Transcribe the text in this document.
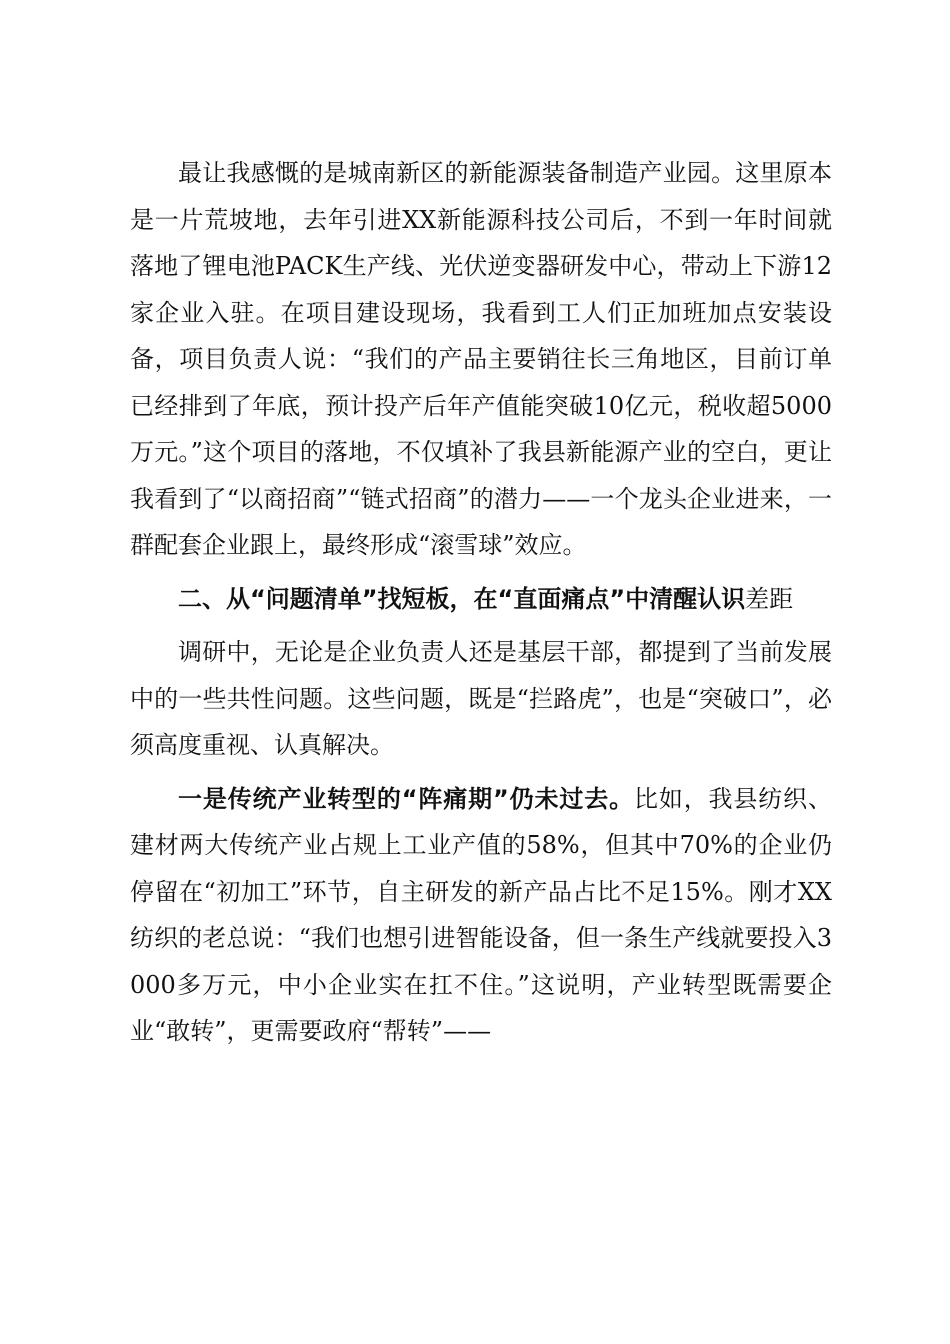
最让我感慨的是城南新区的新能源装备制造产业园。这里原本是一片荒坡地，去年引进XX新能源科技公司后，不到一年时间就落地了锂电池PACK生产线、光伏逆变器研发中心，带动上下游12家企业入驻。在项目建设现场，我看到工人们正加班加点安装设备，项目负责人说：“我们的产品主要销往长三角地区，目前订单已经排到了年底，预计投产后年产值能突破10亿元，税收超5000万元。”这个项目的落地，不仅填补了我县新能源产业的空白，更让我看到了“以商招商”“链式招商”的潜力——一个龙头企业进来，一群配套企业跟上，最终形成“滚雪球”效应。

二、从“问题清单”找短板，在“直面痛点”中清醒认识差距

调研中，无论是企业负责人还是基层干部，都提到了当前发展中的一些共性问题。这些问题，既是“拦路虎”，也是“突破口”，必须高度重视、认真解决。

一是传统产业转型的“阵痛期”仍未过去。比如，我县纺织、建材两大传统产业占规上工业产值的58%，但其中70%的企业仍停留在“初加工”环节，自主研发的新产品占比不足15%。刚才XX纺织的老总说：“我们也想引进智能设备，但一条生产线就要投入3000多万元，中小企业实在扛不住。”这说明，产业转型既需要企业“敢转”，更需要政府“帮转”——
